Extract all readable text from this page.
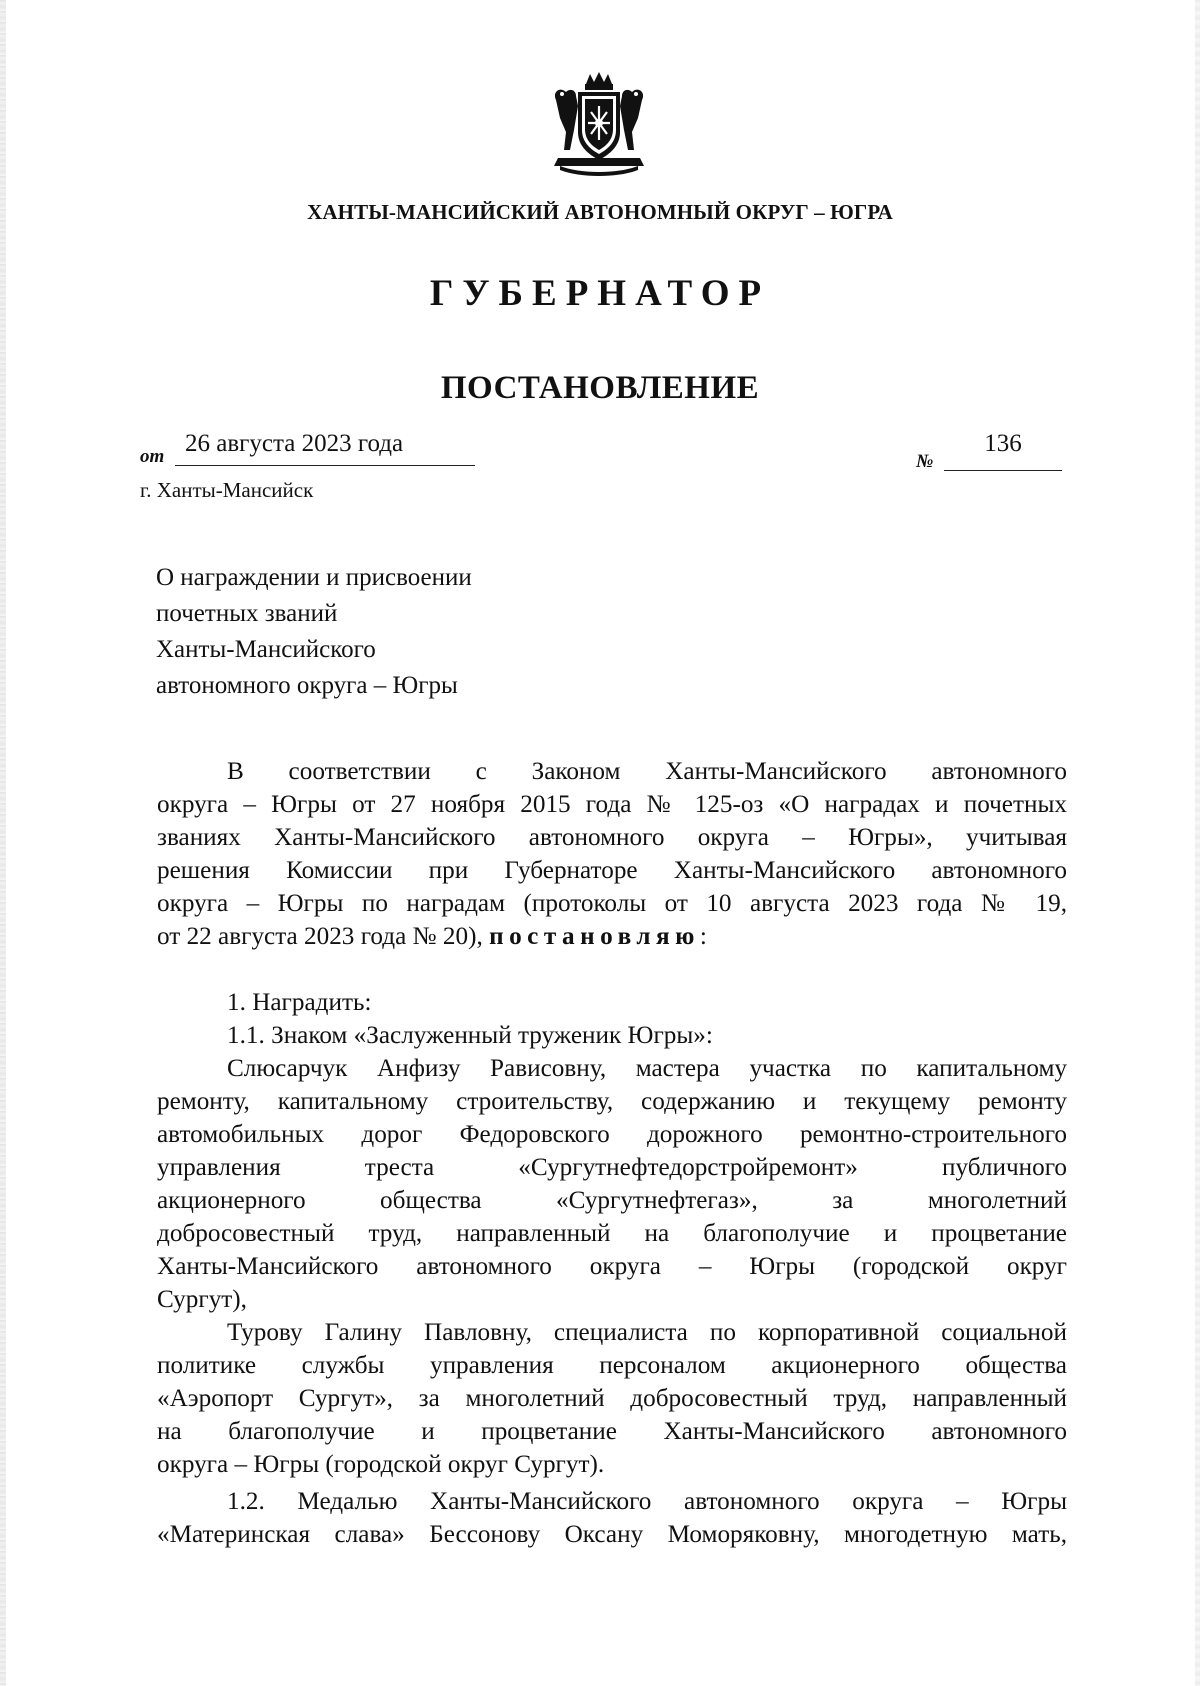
ХАНТЫ-МАНСИЙСКИЙ АВТОНОМНЫЙ ОКРУГ – ЮГРА
ГУБЕРНАТОР
ПОСТАНОВЛЕНИЕ
от 26 августа 2023 года
№
136
г. Ханты-Мансийск
О награждении и присвоении
почетных званий
Ханты-Мансийского
автономного округа – Югры
В соответствии с Законом Ханты-Мансийского автономного
округа – Югры от 27 ноября 2015 года № 125-оз «О наградах и почетных
званиях Ханты-Мансийского автономного округа – Югры», учитывая
решения Комиссии при Губернаторе Ханты-Мансийского автономного
округа – Югры по наградам (протоколы от 10 августа 2023 года № 19,
от 22 августа 2023 года № 20), постановляю:
1. Наградить:
1.1. Знаком «Заслуженный труженик Югры»:
Слюсарчук Анфизу Рависовну, мастера участка по капитальному
ремонту, капитальному строительству, содержанию и текущему ремонту
автомобильных дорог Федоровского дорожного ремонтно-строительного
управления треста «Сургутнефтедорстройремонт» публичного
акционерного общества «Сургутнефтегаз», за многолетний
добросовестный труд, направленный на благополучие и процветание
Ханты-Мансийского автономного округа – Югры (городской округ
Сургут),
Турову Галину Павловну, специалиста по корпоративной социальной
политике службы управления персоналом акционерного общества
«Аэропорт Сургут», за многолетний добросовестный труд, направленный
на благополучие и процветание Ханты-Мансийского автономного
округа – Югры (городской округ Сургут).
1.2. Медалью Ханты-Мансийского автономного округа – Югры
«Материнская слава» Бессонову Оксану Моморяковну, многодетную мать,
